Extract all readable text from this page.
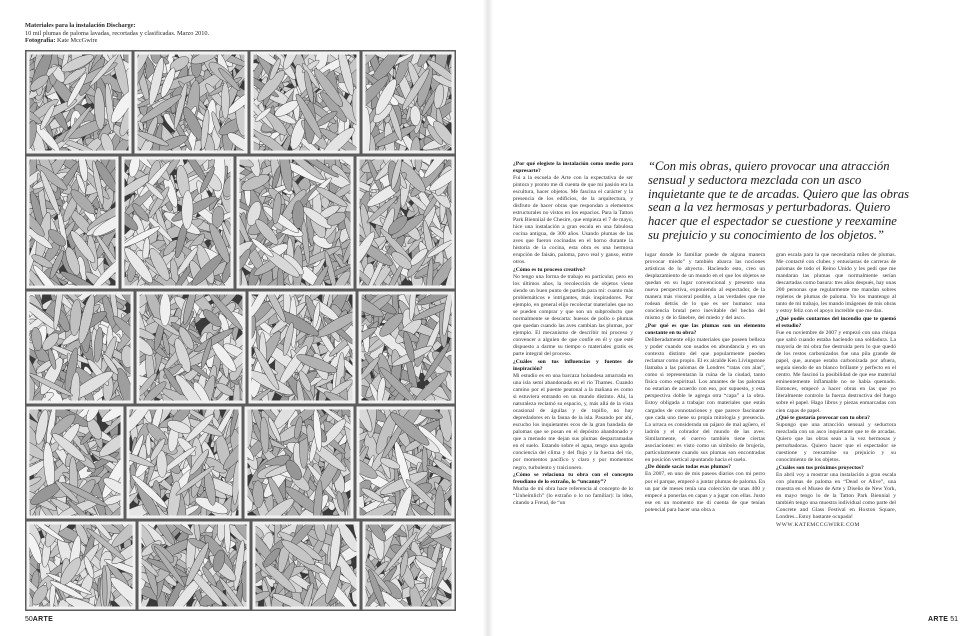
Materiales para la instalación Discharge:
10 mil plumas de paloma lavadas, recortadas y clasificadas. Marzo 2010.
Fotografía: Kate MccGwire
50ARTE

¿Por qué elegiste la instalación como medio para expresarte?

Fui a la escuela de Arte con la expectativa de ser pintora y pronto me di cuenta de que mi pasión era la escultura, hacer objetos. Me fascina el carácter y la presencia de los edificios, de la arquitectura, y disfruto de hacer obras que respondan a elementos estructurales no vistos en los espacios. Para la Tatton Park Bienniial de Chesire, que empieza el 7 de mayo, hice una instalación a gran escala en una fabulosa cocina antigua, de 300 años. Usando plumas de las aves que fueron cocinadas en el horno durante la historia de la cocina, esta obra es una hermosa erupción de faisán, paloma, pavo real y ganso, entre otros.

¿Cómo es tu proceso creativo?

No tengo una forma de trabajo en particular, pero en los últimos años, la recolección de objetos viene siendo un buen punto de partida para mí: cuanto más problemáticos e intrigantes, más inspiradores. Por ejemplo, en general elijo recolectar materiales que no se pueden comprar y que son un subproducto que normalmente se descarta: huesos de pollo o plumas que quedan cuando las aves cambian las plumas, por ejemplo. El mecanismo de describir mi proceso y convencer a alguien de que confíe en él y que esté dispuesto a darme su tiempo o materiales gratis es parte integral del proceso.

¿Cuáles son tus influencias y fuentes de inspiración?

Mi estudio es en una barcaza holandesa amarrada en una isla semi abandonada en el río Thames. Cuando camino por el puente peatonal a la mañana es como si estuviera entrando en un mundo distinto. Ahí, la naturaleza reclamó su espacio, y, más allá de la vista ocasional de águilas y de topillo, no hay depredadores en la fauna de la isla. Pasando por ahí, escucho los inquietantes ecos de la gran bandada de palomas que se posan en el depósito abandonado y que a menudo me dejan sus plumas desparramadas en el suelo. Estando sobre el agua, tengo una aguda conciencia del clima y del flujo y la fuerza del río, por momentos pacífico y claro y por momentos negro, turbulento y traicionero.

¿Cómo se relaciona tu obra con el concepto freudiano de lo extraño, lo “uncanny”?

Mucha de mi obra hace referencia al concepto de lo “Unheimlich” (lo extraño o lo no familiar): la idea, citando a Freud, de “un

“Con mis obras, quiero provocar una atracción sensual y seductora mezclada con un asco inquietante que te de arcadas. Quiero que las obras sean a la vez hermosas y perturbadoras. Quiero hacer que el espectador se cuestione y reexamine su prejuicio y su conocimiento de los objetos.”

lugar donde lo familiar puede de alguna manera provocar miedo” y también abarca las nociones artísticas de lo abyecto. Haciendo esto, creo un desplazamiento de un mundo en el que los objetos se quedan en su lugar convencional y presento una nueva perspectiva, exponiendo al espectador, de la manera más visceral posible, a las verdades que me rodean detrás de lo que es ser humano: una conciencia brutal pero inevitable del hecho del mismo y de lo fánebre, del miedo y del asco.

¿Por qué es que las plumas son un elemento constante en tu obra?

Deliberadamente elijo materiales que poseen belleza y poder cuando son usados en abundancia y en un contexto distinto del que popularmente pueden reclamar como propio. El ex alcalde Ken Livingstone llamaba a las palomas de Londres “ratas con alas”, como si representaran la ruina de la ciudad, tanto física como espiritual. Los amantes de las palomas no estarían de acuerdo con eso, por supuesto, y esta perspectiva doble le agrega otra “capa” a la obra. Estoy obligada a trabajar con materiales que están cargados de connotaciones y que parece fascinante que cada uno tiene su propia mitología y presencia. La urraca es considerada un pájaro de mal agüero, el ladrón y el cobrador del mundo de las aves. Similarmente, el cuervo también tiene ciertas asociaciones: es visto como un símbolo de brujería, particularmente cuando sus plumas son encontradas en posición vertical apuntando hacia el suelo.

¿De dónde sacás todas esas plumas?

En 2007, en uno de mis paseos diarios con mi perro por el parque, empecé a juntar plumas de paloma. En un par de meses tenía una colección de unas 400 y empecé a ponerlas en capas y a jugar con ellas. Justo ese en un momento me di cuenta de que tenían potencial para hacer una obra a

gran escala para la que necesitaría miles de plumas. Me contacté con clubes y entusiastas de carreras de palomas de todo el Reino Unido y les pedí que me mandaran las plumas que normalmente serían descartadas como basura: tres años después, hay unas 200 personas que regularmente me mandan sobres repletos de plumas de paloma. Yo los mantengo al tanto de mi trabajo, les mando imágenes de mis obras y estoy feliz con el apoyo increíble que me dan.

¿Qué podés contarnos del incendio que te quemó el estudio?

Fue en noviembre de 2007 y empezó con una chispa que saltó cuando estaba haciendo una soldadura. La mayoría de mi obra fue destruida pero lo que quedó de los restos carbonizados fue una pila grande de papel, que, aunque estaba carbonizada por afuera, seguía siendo de un blanco brillante y perfecto en el centro. Me fascinó la posibilidad de que ese material eminentemente inflamable no se habia quemado. Entonces, empecé a hacer obras en las que yo literalmente controlo la fuerza destructiva del fuego sobre el papel. Hago libros y piezas enmarcadas con cien capas de papel.

¿Qué te gustaría provocar con tu obra?

Supongo que una atracción sensual y seductora mezclada con un asco inquietante que te de arcadas. Quiero que las obras sean a la vez hermosas y perturbadoras. Quiero hacer que el espectador se cuestione y reexamine su prejuicio y su conocimiento de los objetos.

¿Cuáles son tus próximos proyectos?

En abril voy a mostrar una instalación a gran escala con plumas de paloma en “Dead or Alive”, una muestra en el Museo de Arte y Diseño de New York, en mayo tengo lo de la Tatton Park Biennial y también tengo una muestra individual como parte del Concrete and Glass Festival en Hoxton Square, Londres...Estoy bastante ocupada!

WWW.KATEMCCGWIRE.COM

ARTE 51
